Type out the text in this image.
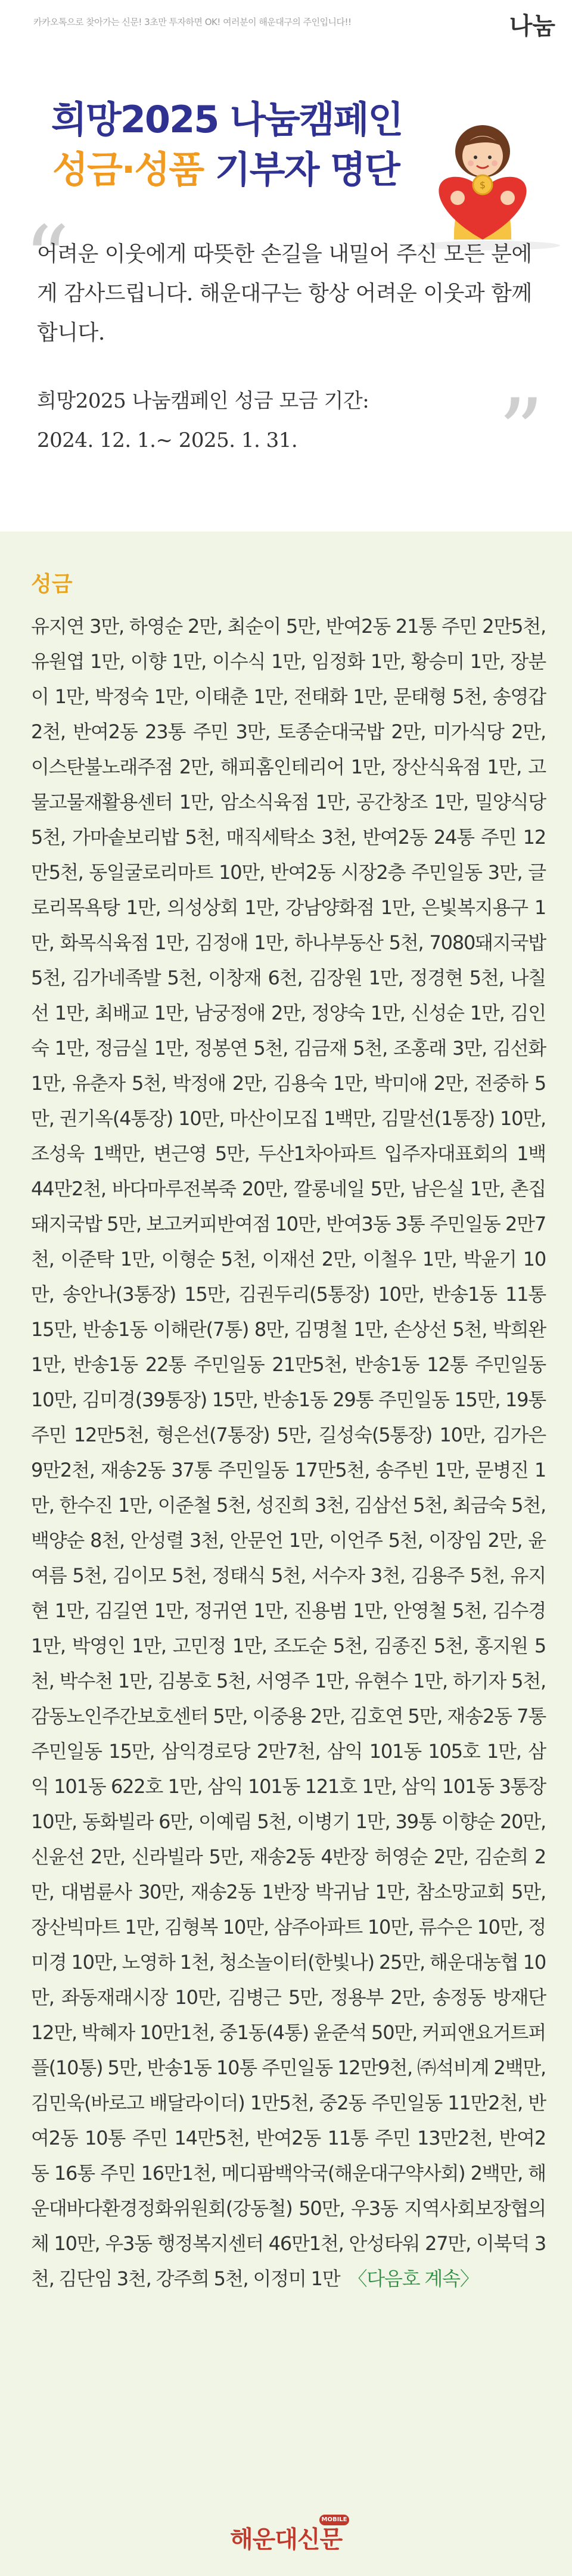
카카오톡으로 찾아가는 신문! 3초만 투자하면 OK! 여러분이 해운대구의 주인입니다!!	나눔
희망2025 나눔캠페인
성금·성품 기부자 명단	$
“
어려운 이웃에게 따뜻한 손길을 내밀어 주신 모든 분에게 감사드립니다. 해운대구는 항상 어려운 이웃과 함께 합니다.
희망2025 나눔캠페인 성금 모금 기간:
2024. 12. 1.~ 2025. 1. 31.	”
성금
유지연 3만, 하영순 2만, 최순이 5만, 반여2동 21통 주민 2만5천, 유원엽 1만, 이향 1만, 이수식 1만, 임정화 1만, 황승미 1만, 장분이 1만, 박정숙 1만, 이태춘 1만, 전태화 1만, 문태형 5천, 송영갑 2천, 반여2동 23통 주민 3만, 토종순대국밥 2만, 미가식당 2만, 이스탄불노래주점 2만, 해피홈인테리어 1만, 장산식육점 1만, 고물고물재활용센터 1만, 암소식육점 1만, 공간창조 1만, 밀양식당 5천, 가마솥보리밥 5천, 매직세탁소 3천, 반여2동 24통 주민 12만5천, 동일굴로리마트 10만, 반여2동 시장2층 주민일동 3만, 글로리목욕탕 1만, 의성상회 1만, 강남양화점 1만, 은빛복지용구 1만, 화목식육점 1만, 김정애 1만, 하나부동산 5천, 7080돼지국밥 5천, 김가네족발 5천, 이창재 6천, 김장원 1만, 정경현 5천, 나칠선 1만, 최배교 1만, 남궁정애 2만, 정양숙 1만, 신성순 1만, 김인숙 1만, 정금실 1만, 정봉연 5천, 김금재 5천, 조홍래 3만, 김선화 1만, 유춘자 5천, 박정애 2만, 김용숙 1만, 박미애 2만, 전중하 5만, 권기옥(4통장) 10만, 마산이모집 1백만, 김말선(1통장) 10만, 조성욱 1백만, 변근영 5만, 두산1차아파트 입주자대표회의 1백44만2천, 바다마루전복죽 20만, 깔롱네일 5만, 남은실 1만, 촌집돼지국밥 5만, 보고커피반여점 10만, 반여3동 3통 주민일동 2만7천, 이준탁 1만, 이형순 5천, 이재선 2만, 이철우 1만, 박윤기 10만, 송안나(3통장) 15만, 김권두리(5통장) 10만, 반송1동 11통 15만, 반송1동 이해란(7통) 8만, 김명철 1만, 손상선 5천, 박희완 1만, 반송1동 22통 주민일동 21만5천, 반송1동 12통 주민일동 10만, 김미경(39통장) 15만, 반송1동 29통 주민일동 15만, 19통 주민 12만5천, 형은선(7통장) 5만, 길성숙(5통장) 10만, 김가은 9만2천, 재송2동 37통 주민일동 17만5천, 송주빈 1만, 문병진 1만, 한수진 1만, 이준철 5천, 성진희 3천, 김삼선 5천, 최금숙 5천, 백양순 8천, 안성렬 3천, 안문언 1만, 이언주 5천, 이장임 2만, 윤여름 5천, 김이모 5천, 정태식 5천, 서수자 3천, 김용주 5천, 유지현 1만, 김길연 1만, 정귀연 1만, 진용범 1만, 안영철 5천, 김수경 1만, 박영인 1만, 고민정 1만, 조도순 5천, 김종진 5천, 홍지원 5천, 박수천 1만, 김봉호 5천, 서영주 1만, 유현수 1만, 하기자 5천, 감동노인주간보호센터 5만, 이중용 2만, 김호연 5만, 재송2동 7통 주민일동 15만, 삼익경로당 2만7천, 삼익 101동 105호 1만, 삼익 101동 622호 1만, 삼익 101동 121호 1만, 삼익 101동 3통장 10만, 동화빌라 6만, 이예림 5천, 이병기 1만, 39통 이향순 20만, 신윤선 2만, 신라빌라 5만, 재송2동 4반장 허영순 2만, 김순희 2만, 대범륜사 30만, 재송2동 1반장 박귀남 1만, 참소망교회 5만, 장산빅마트 1만, 김형복 10만, 삼주아파트 10만, 류수은 10만, 정미경 10만, 노영하 1천, 청소놀이터(한빛나) 25만, 해운대농협 10만, 좌동재래시장 10만, 김병근 5만, 정용부 2만, 송정동 방재단 12만, 박혜자 10만1천, 중1동(4통) 윤준석 50만, 커피앤요거트퍼플(10통) 5만, 반송1동 10통 주민일동 12만9천, ㈜석비계 2백만, 김민욱(바로고 배달라이더) 1만5천, 중2동 주민일동 11만2천, 반여2동 10통 주민 14만5천, 반여2동 11통 주민 13만2천, 반여2동 16통 주민 16만1천, 메디팜백악국(해운대구약사회) 2백만, 해운대바다환경정화위원회(강동철) 50만, 우3동 지역사회보장협의체 10만, 우3동 행정복지센터 46만1천, 안성타워 27만, 이북덕 3천, 김단임 3천, 강주희 5천, 이정미 1만 〈다음호 계속〉
MOBILE
해운대신문
